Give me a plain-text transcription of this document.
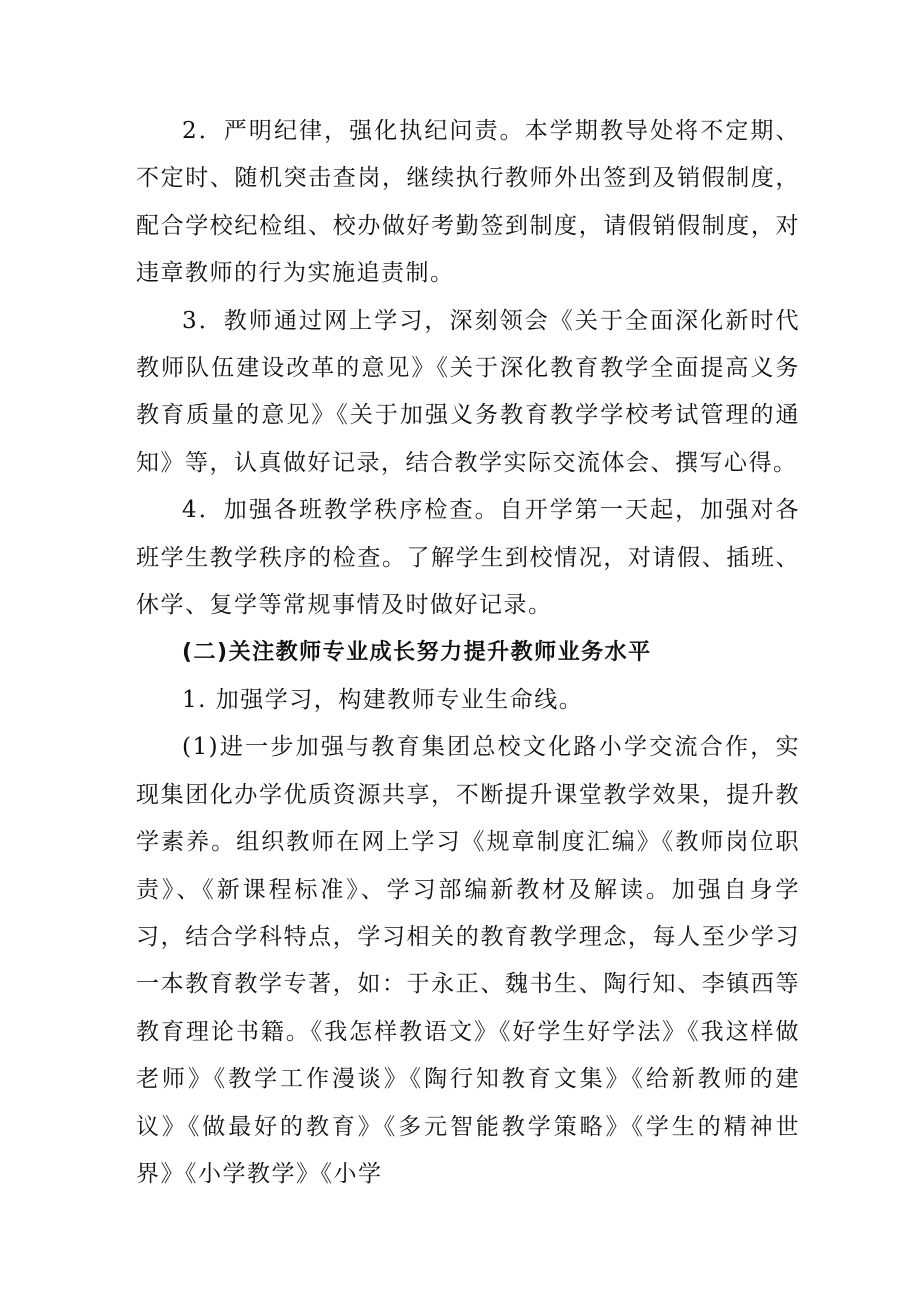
2．严明纪律，强化执纪问责。本学期教导处将不定期、不定时、随机突击查岗，继续执行教师外出签到及销假制度，配合学校纪检组、校办做好考勤签到制度，请假销假制度，对违章教师的行为实施追责制。

3．教师通过网上学习，深刻领会《关于全面深化新时代教师队伍建设改革的意见》《关于深化教育教学全面提高义务教育质量的意见》《关于加强义务教育教学学校考试管理的通知》等，认真做好记录，结合教学实际交流体会、撰写心得。

4．加强各班教学秩序检查。自开学第一天起，加强对各班学生教学秩序的检查。了解学生到校情况，对请假、插班、休学、复学等常规事情及时做好记录。

(二)关注教师专业成长努力提升教师业务水平

1. 加强学习，构建教师专业生命线。

(1)进一步加强与教育集团总校文化路小学交流合作，实现集团化办学优质资源共享，不断提升课堂教学效果，提升教学素养。组织教师在网上学习《规章制度汇编》《教师岗位职责》、《新课程标准》、学习部编新教材及解读。加强自身学习，结合学科特点，学习相关的教育教学理念，每人至少学习一本教育教学专著，如：于永正、魏书生、陶行知、李镇西等教育理论书籍。《我怎样教语文》《好学生好学法》《我这样做老师》《教学工作漫谈》《陶行知教育文集》《给新教师的建议》《做最好的教育》《多元智能教学策略》《学生的精神世界》《小学教学》《小学
